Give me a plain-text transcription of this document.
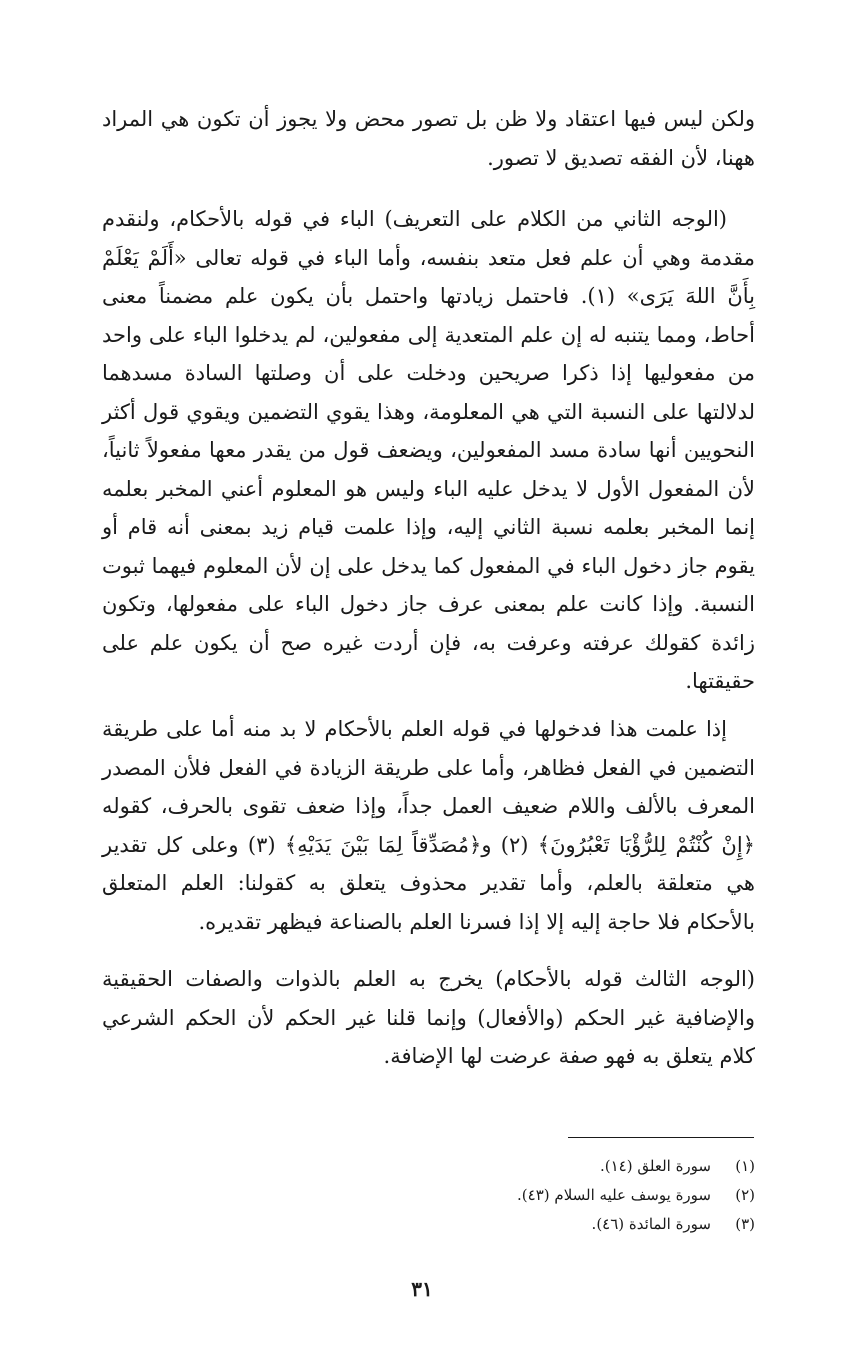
ولكن ليس فيها اعتقاد ولا ظن بل تصور محض ولا يجوز أن تكون هي المراد ههنا، لأن الفقه تصديق لا تصور.

(الوجه الثاني من الكلام على التعريف) الباء في قوله بالأحكام، ولنقدم مقدمة وهي أن علم فعل متعد بنفسه، وأما الباء في قوله تعالى «أَلَمْ يَعْلَمْ بِأَنَّ اللهَ يَرَى» (١). فاحتمل زيادتها واحتمل بأن يكون علم مضمناً معنى أحاط، ومما يتنبه له إن علم المتعدية إلى مفعولين، لم يدخلوا الباء على واحد من مفعوليها إذا ذكرا صريحين ودخلت على أن وصلتها السادة مسدهما لدلالتها على النسبة التي هي المعلومة، وهذا يقوي التضمين ويقوي قول أكثر النحويين أنها سادة مسد المفعولين، ويضعف قول من يقدر معها مفعولاً ثانياً، لأن المفعول الأول لا يدخل عليه الباء وليس هو المعلوم أعني المخبر بعلمه إنما المخبر بعلمه نسبة الثاني إليه، وإذا علمت قيام زيد بمعنى أنه قام أو يقوم جاز دخول الباء في المفعول كما يدخل على إن لأن المعلوم فيهما ثبوت النسبة. وإذا كانت علم بمعنى عرف جاز دخول الباء على مفعولها، وتكون زائدة كقولك عرفته وعرفت به، فإن أردت غيره صح أن يكون علم على حقيقتها.

إذا علمت هذا فدخولها في قوله العلم بالأحكام لا بد منه أما على طريقة التضمين في الفعل فظاهر، وأما على طريقة الزيادة في الفعل فلأن المصدر المعرف بالألف واللام ضعيف العمل جداً، وإذا ضعف تقوى بالحرف، كقوله ﴿إِنْ كُنْتُمْ لِلرُّؤْيَا تَعْبُرُونَ﴾ (٢) و﴿مُصَدِّقاً لِمَا بَيْنَ يَدَيْهِ﴾ (٣) وعلى كل تقدير هي متعلقة بالعلم، وأما تقدير محذوف يتعلق به كقولنا: العلم المتعلق بالأحكام فلا حاجة إليه إلا إذا فسرنا العلم بالصناعة فيظهر تقديره.

(الوجه الثالث قوله بالأحكام) يخرج به العلم بالذوات والصفات الحقيقية والإضافية غير الحكم (والأفعال) وإنما قلنا غير الحكم لأن الحكم الشرعي كلام يتعلق به فهو صفة عرضت لها الإضافة.

(١)
سورة العلق (١٤).
(٢)
سورة يوسف عليه السلام (٤٣).
(٣)
سورة المائدة (٤٦).
٣١
